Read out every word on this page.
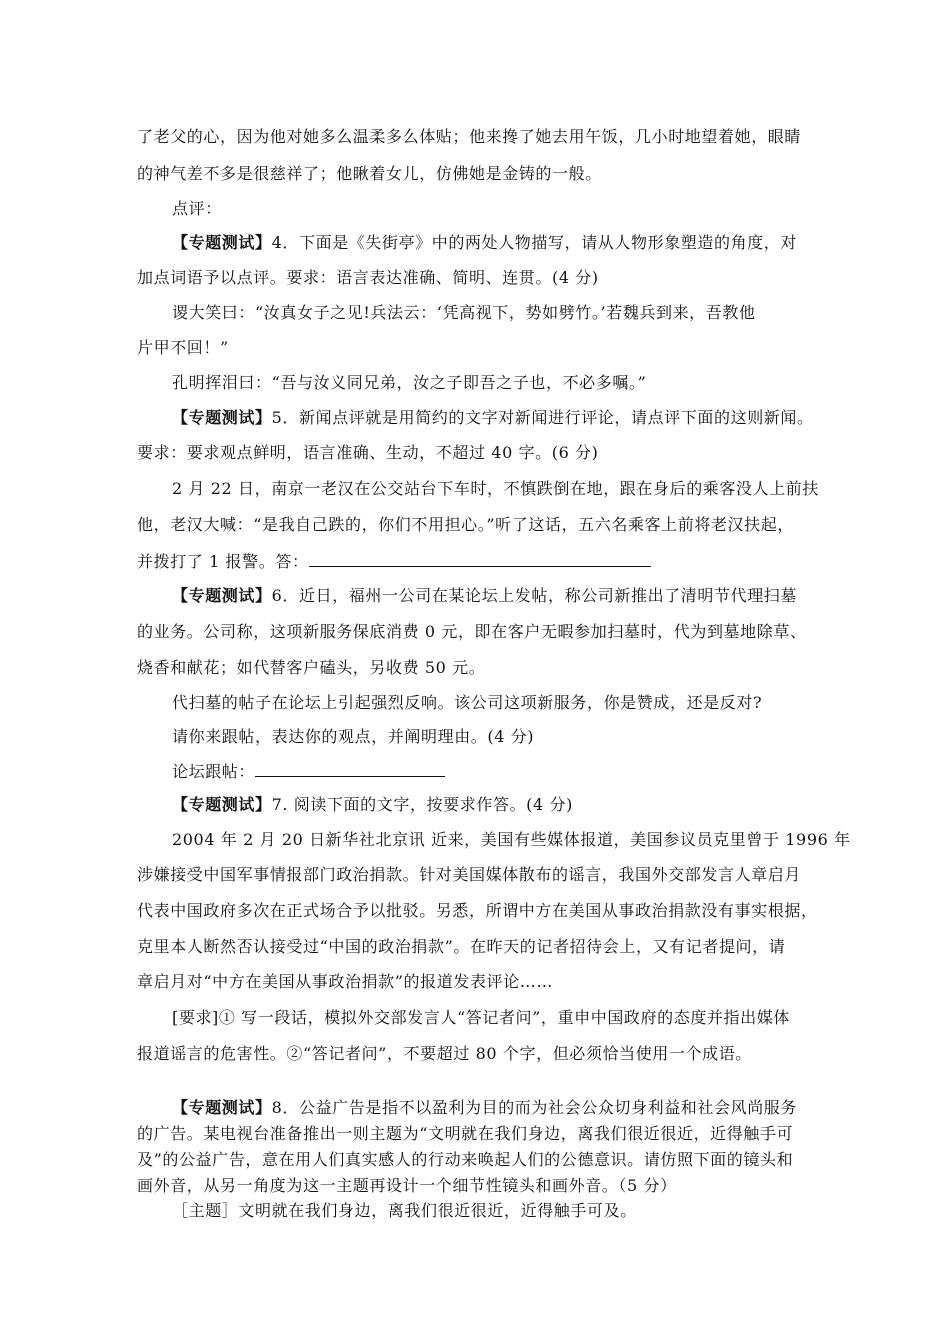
了老父的心，因为他对她多么温柔多么体贴；他来搀了她去用午饭，几小时地望着她，眼睛
的神气差不多是很慈祥了；他瞅着女儿，仿佛她是金铸的一般。
点评：
【专题测试】4．下面是《失街亭》中的两处人物描写，请从人物形象塑造的角度，对
加点词语予以点评。要求：语言表达准确、简明、连贯。(4 分)
谡大笑曰：“汝真女子之见!兵法云：‘凭高视下，势如劈竹。’若魏兵到来，吾教他
片甲不回！”
孔明挥泪曰：“吾与汝义同兄弟，汝之子即吾之子也，不必多嘱。”
【专题测试】5．新闻点评就是用简约的文字对新闻进行评论，请点评下面的这则新闻。
要求：要求观点鲜明，语言准确、生动，不超过 40 字。(6 分)
2 月 22 日，南京一老汉在公交站台下车时，不慎跌倒在地，跟在身后的乘客没人上前扶
他，老汉大喊：“是我自己跌的，你们不用担心。”听了这话，五六名乘客上前将老汉扶起，
并拨打了 1 报警。答：
【专题测试】6．近日，福州一公司在某论坛上发帖，称公司新推出了清明节代理扫墓
的业务。公司称，这项新服务保底消费 0 元，即在客户无暇参加扫墓时，代为到墓地除草、
烧香和献花；如代替客户磕头，另收费 50 元。
代扫墓的帖子在论坛上引起强烈反响。该公司这项新服务，你是赞成，还是反对?
请你来跟帖，表达你的观点，并阐明理由。(4 分)
论坛跟帖：
【专题测试】7. 阅读下面的文字，按要求作答。(4 分)
2004 年 2 月 20 日新华社北京讯 近来，美国有些媒体报道，美国参议员克里曾于 1996 年
涉嫌接受中国军事情报部门政治捐款。针对美国媒体散布的谣言，我国外交部发言人章启月
代表中国政府多次在正式场合予以批驳。另悉，所谓中方在美国从事政治捐款没有事实根据，
克里本人断然否认接受过“中国的政治捐款”。在昨天的记者招待会上，又有记者提问，请
章启月对“中方在美国从事政治捐款”的报道发表评论……
[要求]① 写一段话，模拟外交部发言人“答记者问”，重申中国政府的态度并指出媒体
报道谣言的危害性。②“答记者问”，不要超过 80 个字，但必须恰当使用一个成语。
【专题测试】8．公益广告是指不以盈利为目的而为社会公众切身利益和社会风尚服务
的广告。某电视台准备推出一则主题为“文明就在我们身边，离我们很近很近，近得触手可
及”的公益广告，意在用人们真实感人的行动来唤起人们的公德意识。请仿照下面的镜头和
画外音，从另一角度为这一主题再设计一个细节性镜头和画外音。（5 分）
［主题］文明就在我们身边，离我们很近很近，近得触手可及。
